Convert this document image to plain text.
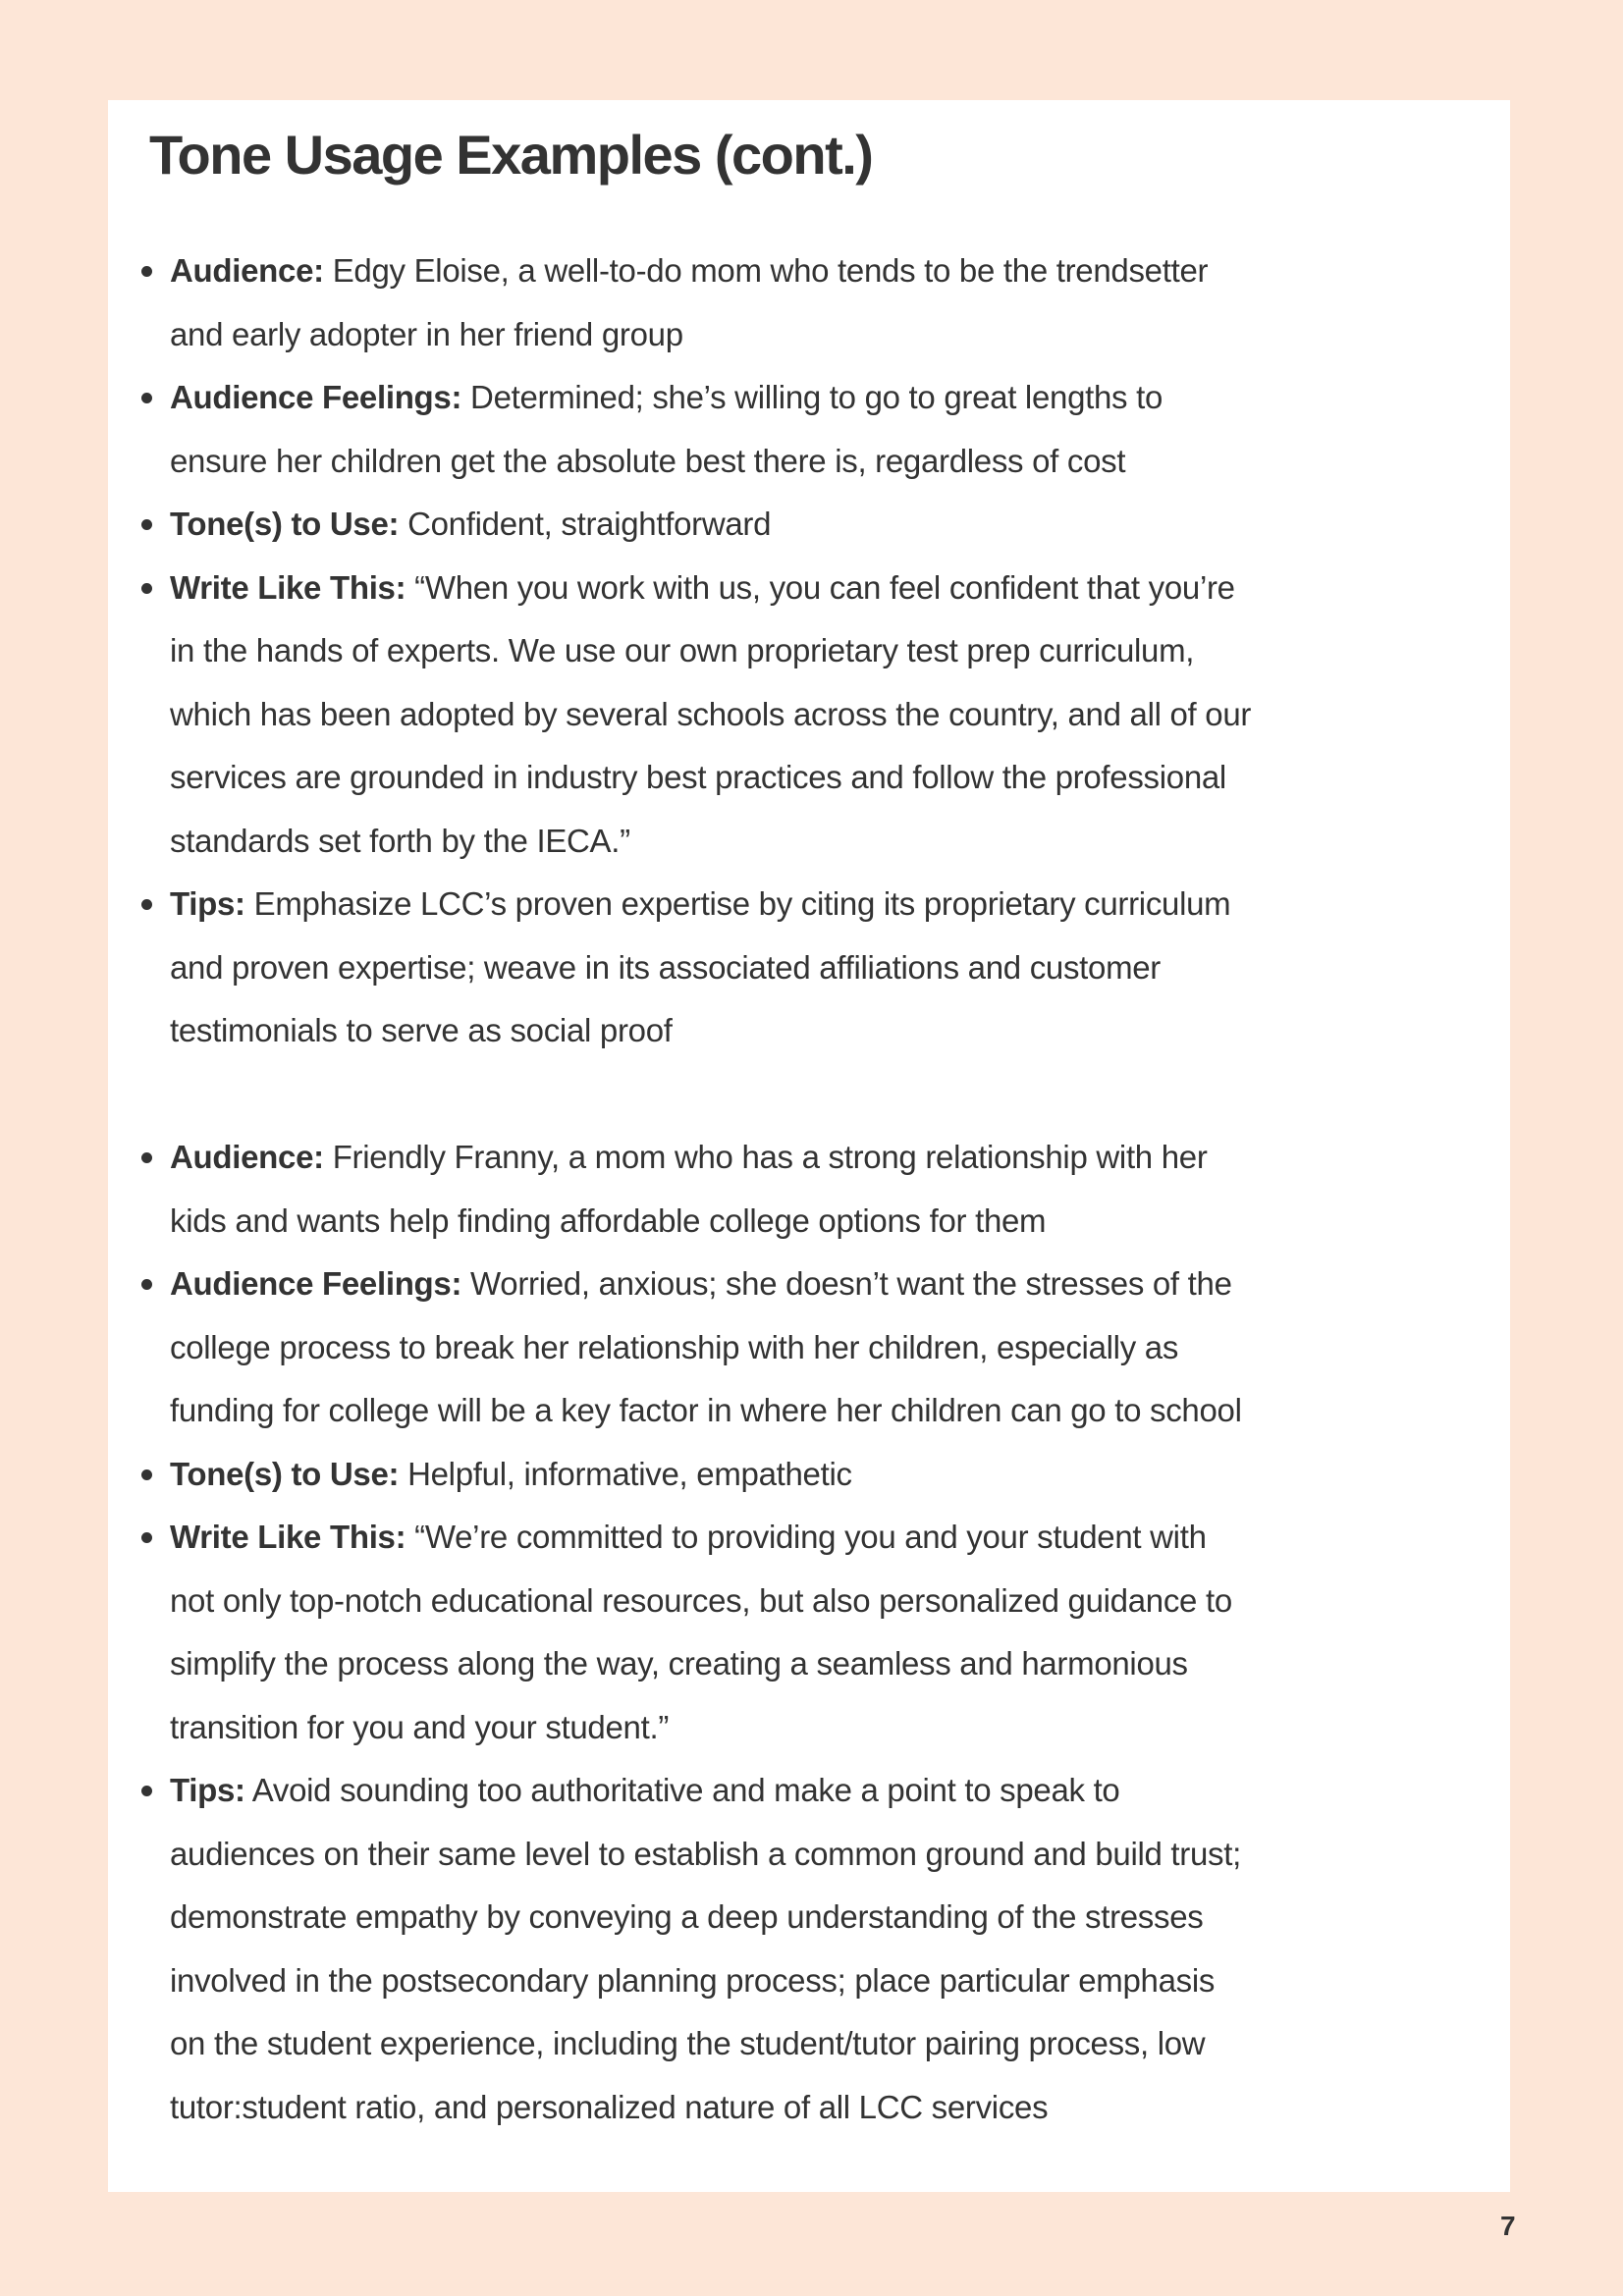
Tone Usage Examples (cont.)
Audience: Edgy Eloise, a well-to-do mom who tends to be the trendsetter
and early adopter in her friend group
Audience Feelings: Determined; she’s willing to go to great lengths to
ensure her children get the absolute best there is, regardless of cost
Tone(s) to Use: Confident, straightforward
Write Like This: “When you work with us, you can feel confident that you’re
in the hands of experts. We use our own proprietary test prep curriculum,
which has been adopted by several schools across the country, and all of our
services are grounded in industry best practices and follow the professional
standards set forth by the IECA.”
Tips: Emphasize LCC’s proven expertise by citing its proprietary curriculum
and proven expertise; weave in its associated affiliations and customer
testimonials to serve as social proof
Audience: Friendly Franny, a mom who has a strong relationship with her
kids and wants help finding affordable college options for them
Audience Feelings: Worried, anxious; she doesn’t want the stresses of the
college process to break her relationship with her children, especially as
funding for college will be a key factor in where her children can go to school
Tone(s) to Use: Helpful, informative, empathetic
Write Like This: “We’re committed to providing you and your student with
not only top-notch educational resources, but also personalized guidance to
simplify the process along the way, creating a seamless and harmonious
transition for you and your student.”
Tips: Avoid sounding too authoritative and make a point to speak to
audiences on their same level to establish a common ground and build trust;
demonstrate empathy by conveying a deep understanding of the stresses
involved in the postsecondary planning process; place particular emphasis
on the student experience, including the student/tutor pairing process, low
tutor:student ratio, and personalized nature of all LCC services
7
